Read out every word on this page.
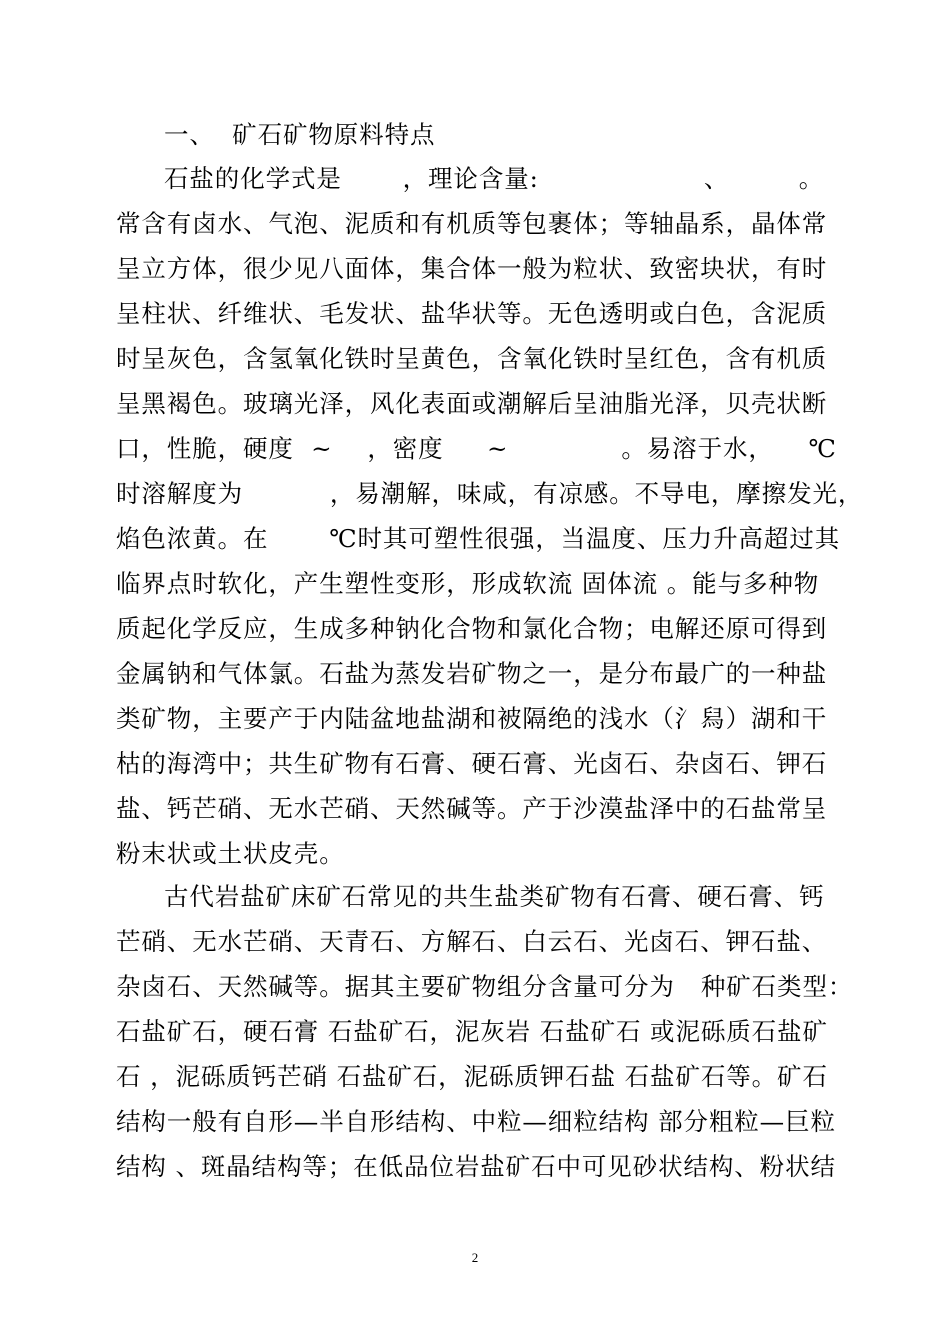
一、  矿石矿物原料特点
石盐的化学式是       ，理论含量:                   、        。
常含有卤水、气泡、泥质和有机质等包裹体；等轴晶系，晶体常
呈立方体，很少见八面体，集合体一般为粒状、致密块状，有时
呈柱状、纤维状、毛发状、盐华状等。无色透明或白色，含泥质
时呈灰色，含氢氧化铁时呈黄色，含氧化铁时呈红色，含有机质
呈黑褐色。玻璃光泽，风化表面或潮解后呈油脂光泽，贝壳状断
口，性脆，硬度  ~    ，密度     ~             。易溶于水，    ℃
时溶解度为          ，易潮解，味咸，有凉感。不导电，摩擦发光，
焰色浓黄。在       ℃时其可塑性很强，当温度、压力升高超过其
临界点时软化，产生塑性变形，形成软流 固体流 。能与多种物
质起化学反应，生成多种钠化合物和氯化合物；电解还原可得到
金属钠和气体氯。石盐为蒸发岩矿物之一，是分布最广的一种盐
类矿物，主要产于内陆盆地盐湖和被隔绝的浅水（氵舄）湖和干
枯的海湾中；共生矿物有石膏、硬石膏、光卤石、杂卤石、钾石
盐、钙芒硝、无水芒硝、天然碱等。产于沙漠盐泽中的石盐常呈
粉末状或土状皮壳。
古代岩盐矿床矿石常见的共生盐类矿物有石膏、硬石膏、钙
芒硝、无水芒硝、天青石、方解石、白云石、光卤石、钾石盐、
杂卤石、天然碱等。据其主要矿物组分含量可分为   种矿石类型：
石盐矿石，硬石膏 石盐矿石，泥灰岩 石盐矿石 或泥砾质石盐矿
石 ，泥砾质钙芒硝 石盐矿石，泥砾质钾石盐 石盐矿石等。矿石
结构一般有自形—半自形结构、中粒—细粒结构 部分粗粒—巨粒
结构 、斑晶结构等；在低品位岩盐矿石中可见砂状结构、粉状结
2
